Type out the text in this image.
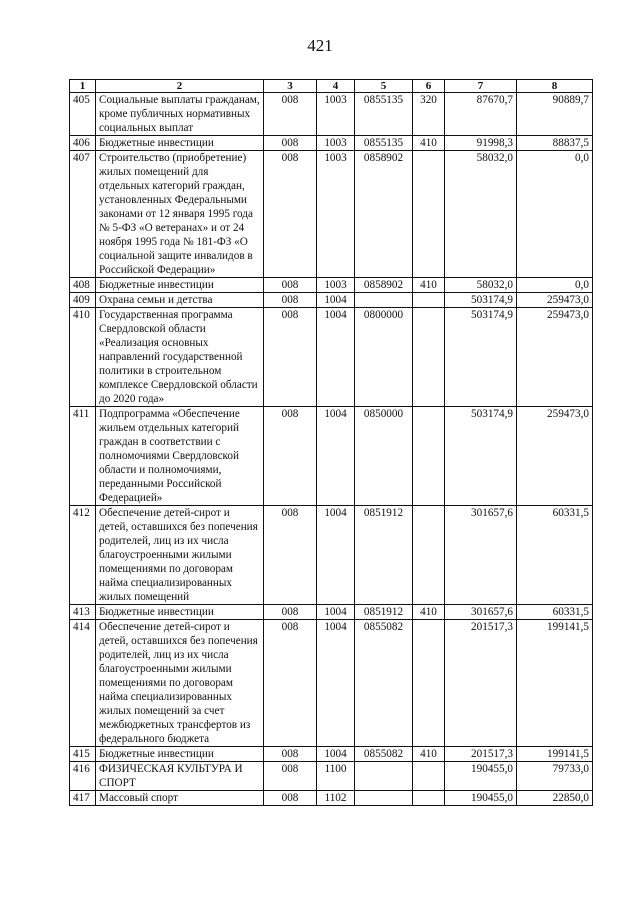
421
1	2	3	4	5	6	7	8
405	Социальные выплаты гражданам, кроме публичных нормативных социальных выплат	008	1003	0855135	320	87670,7	90889,7
406	Бюджетные инвестиции	008	1003	0855135	410	91998,3	88837,5
407	Строительство (приобретение) жилых помещений для отдельных категорий граждан, установленных Федеральными законами от 12 января 1995 года № 5-ФЗ «О ветеранах» и от 24 ноября 1995 года № 181-ФЗ «О социальной защите инвалидов в Российской Федерации»	008	1003	0858902		58032,0	0,0
408	Бюджетные инвестиции	008	1003	0858902	410	58032,0	0,0
409	Охрана семьи и детства	008	1004			503174,9	259473,0
410	Государственная программа Свердловской области «Реализация основных направлений государственной политики в строительном комплексе Свердловской области до 2020 года»	008	1004	0800000		503174,9	259473,0
411	Подпрограмма «Обеспечение жильем отдельных категорий граждан в соответствии с полномочиями Свердловской области и полномочиями, переданными Российской Федерацией»	008	1004	0850000		503174,9	259473,0
412	Обеспечение детей-сирот и детей, оставшихся без попечения родителей, лиц из их числа благоустроенными жилыми помещениями по договорам найма специализированных жилых помещений	008	1004	0851912		301657,6	60331,5
413	Бюджетные инвестиции	008	1004	0851912	410	301657,6	60331,5
414	Обеспечение детей-сирот и детей, оставшихся без попечения родителей, лиц из их числа благоустроенными жилыми помещениями по договорам найма специализированных жилых помещений за счет межбюджетных трансфертов из федерального бюджета	008	1004	0855082		201517,3	199141,5
415	Бюджетные инвестиции	008	1004	0855082	410	201517,3	199141,5
416	ФИЗИЧЕСКАЯ КУЛЬТУРА И СПОРТ	008	1100			190455,0	79733,0
417	Массовый спорт	008	1102			190455,0	22850,0
